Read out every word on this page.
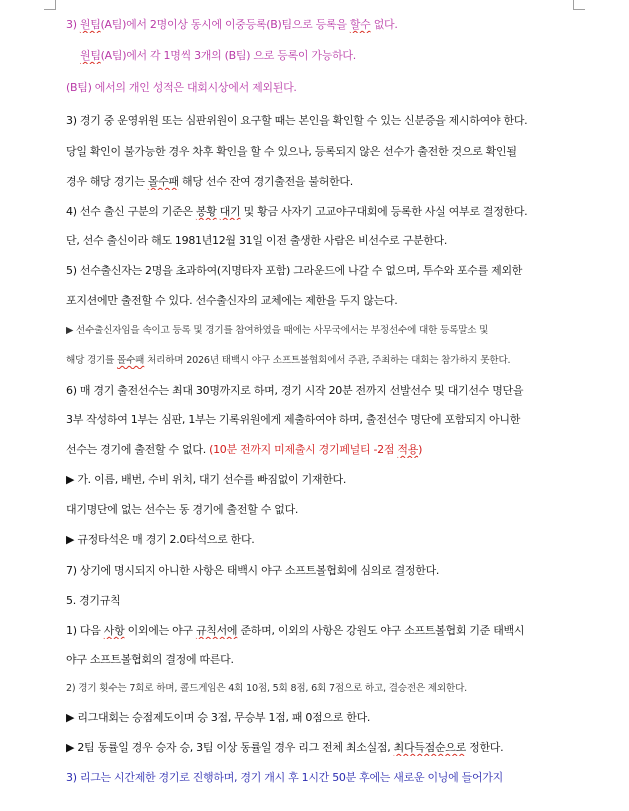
3) 원팀(A팀)에서 2명이상 동시에 이중등록(B)팀으로 등록을 할수 없다.
원팀(A팀)에서 각 1명씩 3개의 (B팀) 으로 등록이 가능하다.
(B팀) 에서의 개인 성적은 대회시상에서 제외된다.
3) 경기 중 운영위원 또는 심판위원이 요구할 때는 본인을 확인할 수 있는 신분증을 제시하여야 한다.
당일 확인이 불가능한 경우 차후 확인을 할 수 있으나, 등록되지 않은 선수가 출전한 것으로 확인될
경우 해당 경기는 몰수패 해당 선수 잔여 경기출전을 불허한다.
4) 선수 출신 구분의 기준은 봉황 대기 및 황금 사자기 고교야구대회에 등록한 사실 여부로 결정한다.
단, 선수 출신이라 해도 1981년12월 31일 이전 출생한 사람은 비선수로 구분한다.
5) 선수출신자는 2명을 초과하여(지명타자 포함) 그라운드에 나갈 수 없으며, 투수와 포수를 제외한
포지션에만 출전할 수 있다. 선수출신자의 교체에는 제한을 두지 않는다.
▶ 선수출신자임을 속이고 등록 및 경기를 참여하였을 때에는 사무국에서는 부정선수에 대한 등록말소 및
해당 경기를 몰수패 처리하며 2026년 태백시 야구 소프트볼협회에서 주관, 주최하는 대회는 참가하지 못한다.
6) 매 경기 출전선수는 최대 30명까지로 하며, 경기 시작 20분 전까지 선발선수 및 대기선수 명단을
3부 작성하여 1부는 심판, 1부는 기록위원에게 제출하여야 하며, 출전선수 명단에 포함되지 아니한
선수는 경기에 출전할 수 없다. (10분 전까지 미제출시 경기페널티 -2점 적용)
▶ 가. 이름, 배번, 수비 위치, 대기 선수를 빠짐없이 기재한다.
대기명단에 없는 선수는 동 경기에 출전할 수 없다.
▶ 규정타석은 매 경기 2.0타석으로 한다.
7) 상기에 명시되지 아니한 사항은 태백시 야구 소프트볼협회에 심의로 결정한다.
5. 경기규칙
1) 다음 사항 이외에는 야구 규칙서에 준하며, 이외의 사항은 강원도 야구 소프트볼협회 기준 태백시
야구 소프트볼협회의 결정에 따른다.
2) 경기 횟수는 7회로 하며, 콜드게임은 4회 10점, 5회 8점, 6회 7점으로 하고, 결승전은 제외한다.
▶ 리그대회는 승점제도이며 승 3점, 무승부 1점, 패 0점으로 한다.
▶ 2팀 동률일 경우 승자 승, 3팀 이상 동률일 경우 리그 전체 최소실점, 최다득점순으로 정한다.
3) 리그는 시간제한 경기로 진행하며, 경기 개시 후 1시간 50분 후에는 새로운 이닝에 들어가지
